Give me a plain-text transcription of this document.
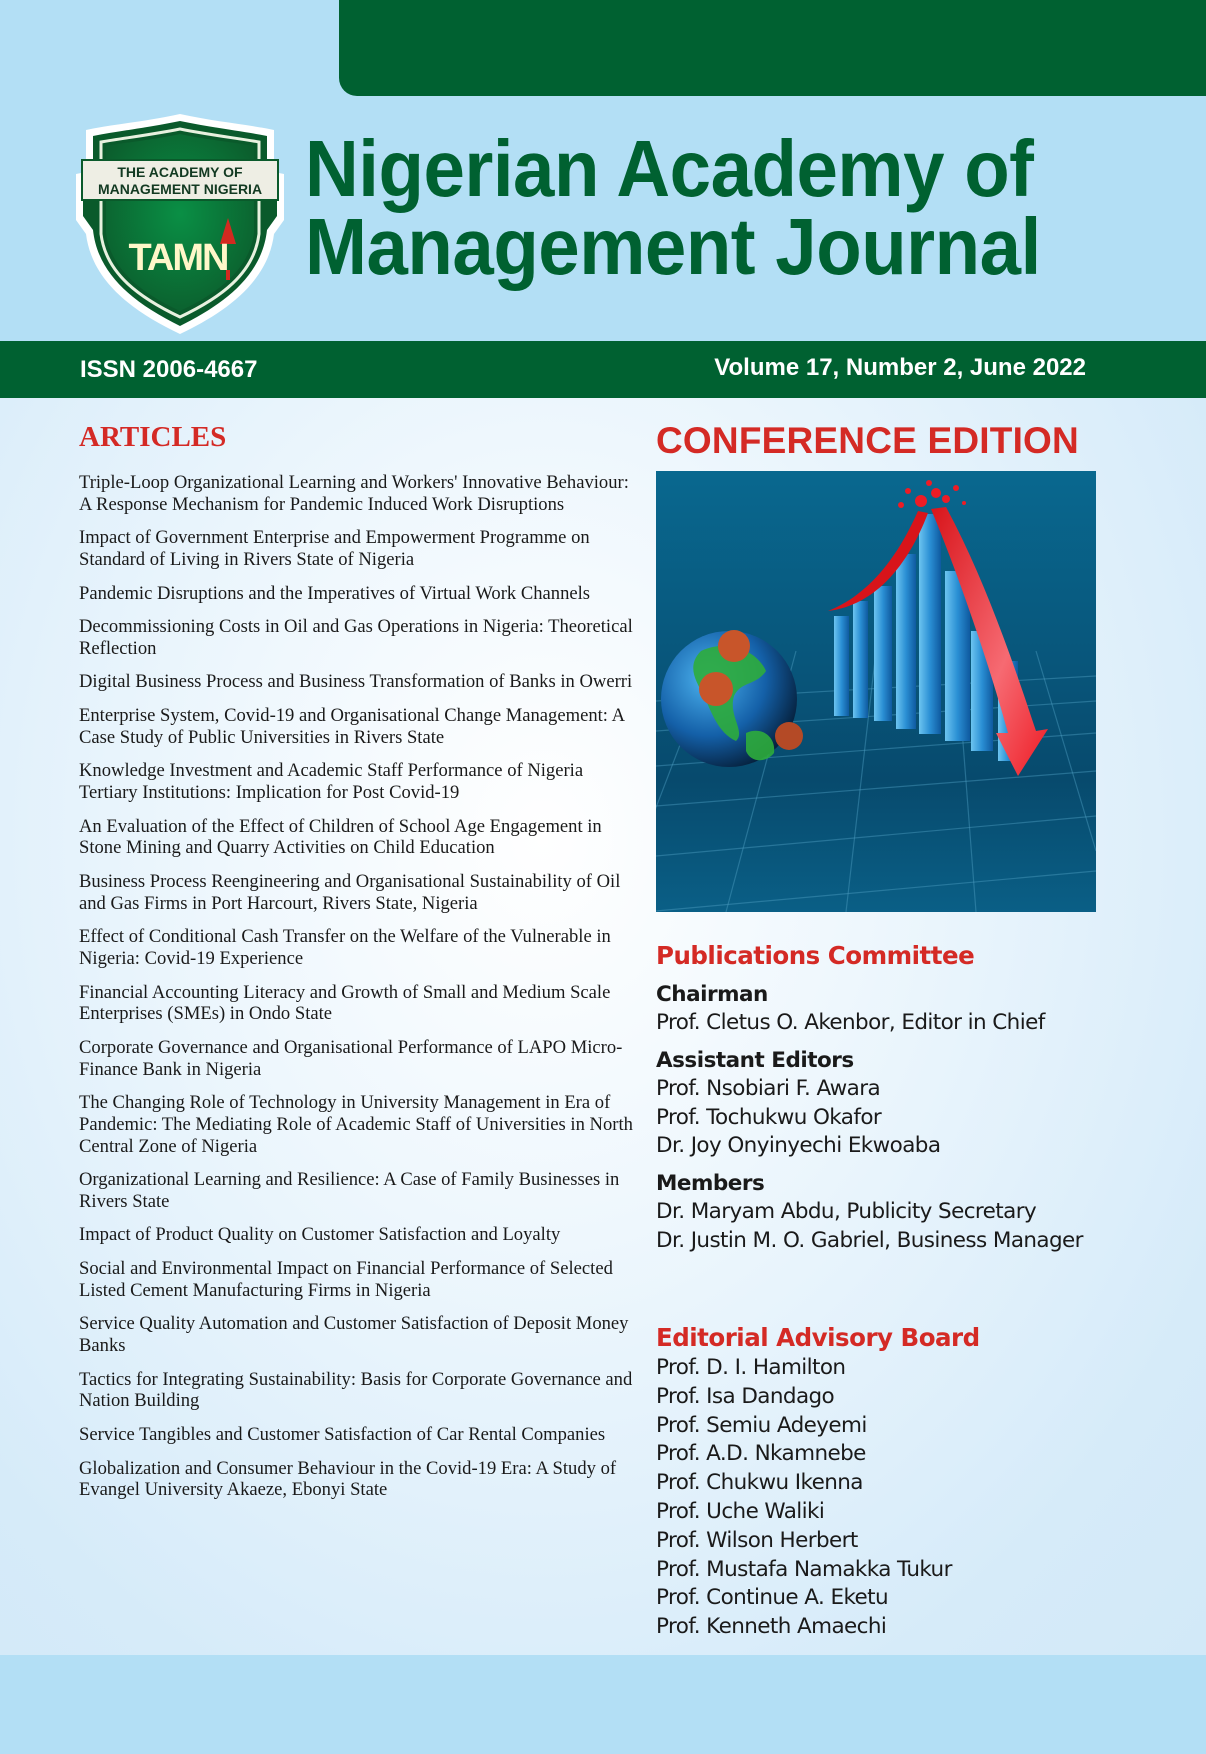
THE ACADEMY OF
MANAGEMENT NIGERIA
TAMN
Nigerian Academy of
Management Journal
ISSN 2006-4667	Volume 17, Number 2, June 2022
ARTICLES
Triple-Loop Organizational Learning and Workers' Innovative Behaviour: A Response Mechanism for Pandemic Induced Work Disruptions
Impact of Government Enterprise and Empowerment Programme on Standard of Living in Rivers State of Nigeria
Pandemic Disruptions and the Imperatives of Virtual Work Channels
Decommissioning Costs in Oil and Gas Operations in Nigeria: Theoretical Reflection
Digital Business Process and Business Transformation of Banks in Owerri
Enterprise System, Covid-19 and Organisational Change Management: A Case Study of Public Universities in Rivers State
Knowledge Investment and Academic Staff Performance of Nigeria Tertiary Institutions: Implication for Post Covid-19
An Evaluation of the Effect of Children of School Age Engagement in Stone Mining and Quarry Activities on Child Education
Business Process Reengineering and Organisational Sustainability of Oil and Gas Firms in Port Harcourt, Rivers State, Nigeria
Effect of Conditional Cash Transfer on the Welfare of the Vulnerable in Nigeria: Covid-19 Experience
Financial Accounting Literacy and Growth of Small and Medium Scale Enterprises (SMEs) in Ondo State
Corporate Governance and Organisational Performance of LAPO Micro-Finance Bank in Nigeria
The Changing Role of Technology in University Management in Era of Pandemic: The Mediating Role of Academic Staff of Universities in North Central Zone of Nigeria
Organizational Learning and Resilience: A Case of Family Businesses in Rivers State
Impact of Product Quality on Customer Satisfaction and Loyalty
Social and Environmental Impact on Financial Performance of Selected Listed Cement Manufacturing Firms in Nigeria
Service Quality Automation and Customer Satisfaction of Deposit Money Banks
Tactics for Integrating Sustainability: Basis for Corporate Governance and Nation Building
Service Tangibles and Customer Satisfaction of Car Rental Companies
Globalization and Consumer Behaviour in the Covid-19 Era: A Study of Evangel University Akaeze, Ebonyi State
CONFERENCE EDITION
Publications Committee
Chairman
Prof. Cletus O. Akenbor, Editor in Chief
Assistant Editors
Prof. Nsobiari F. Awara
Prof. Tochukwu Okafor
Dr. Joy Onyinyechi Ekwoaba
Members
Dr. Maryam Abdu, Publicity Secretary
Dr. Justin M. O. Gabriel, Business Manager
Editorial Advisory Board
Prof. D. I. Hamilton
Prof. Isa Dandago
Prof. Semiu Adeyemi
Prof. A.D. Nkamnebe
Prof. Chukwu Ikenna
Prof. Uche Waliki
Prof. Wilson Herbert
Prof. Mustafa Namakka Tukur
Prof. Continue A. Eketu
Prof. Kenneth Amaechi
